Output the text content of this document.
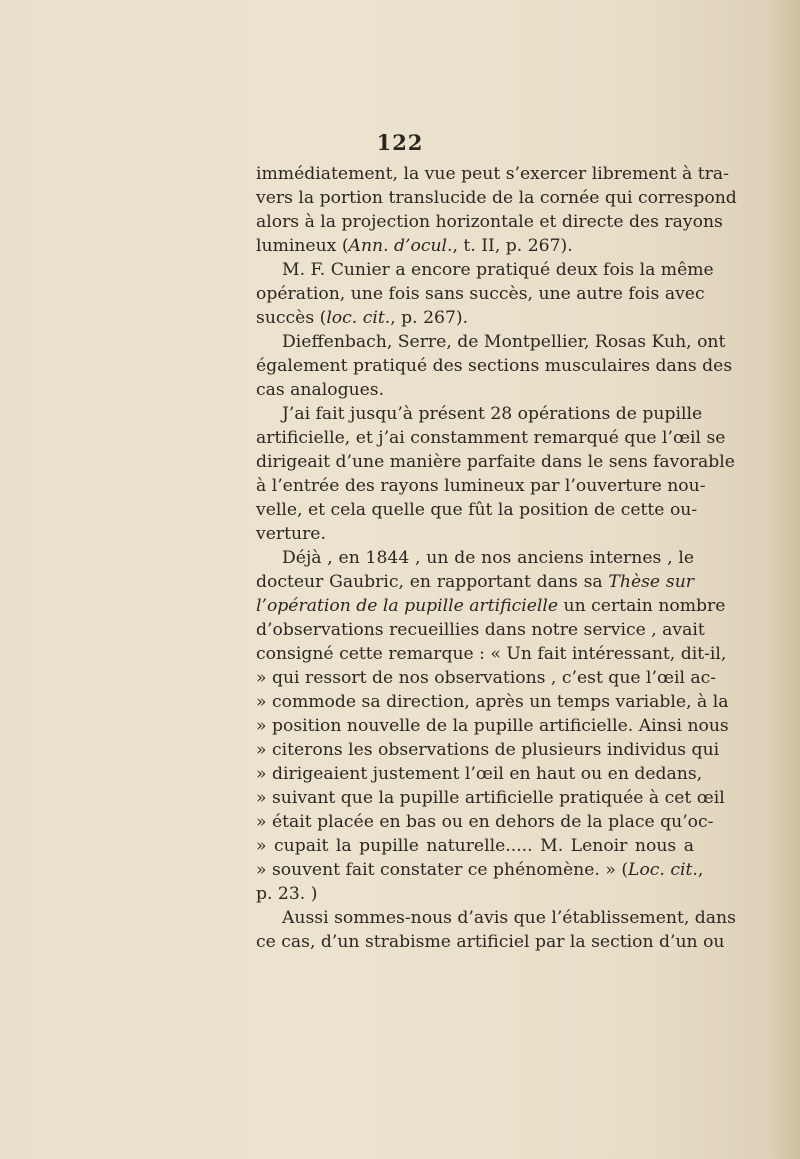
122
immédiatement, la vue peut s’exercer librement à tra-
vers la portion translucide de la cornée qui correspond
alors à la projection horizontale et directe des rayons
lumineux (Ann. d’ocul., t. II, p. 267).
M. F. Cunier a encore pratiqué deux fois la même
opération, une fois sans succès, une autre fois avec
succès (loc. cit., p. 267).
Dieffenbach, Serre, de Montpellier, Rosas Kuh, ont
également pratiqué des sections musculaires dans des
cas analogues.
J’ai fait jusqu’à présent 28 opérations de pupille
artificielle, et j’ai constamment remarqué que l’œil se
dirigeait d’une manière parfaite dans le sens favorable
à l’entrée des rayons lumineux par l’ouverture nou-
velle, et cela quelle que fût la position de cette ou-
verture.
Déjà , en 1844 , un de nos anciens internes , le
docteur Gaubric, en rapportant dans sa Thèse sur
l’opération de la pupille artificielle un certain nombre
d’observations recueillies dans notre service , avait
consigné cette remarque : « Un fait intéressant, dit-il,
» qui ressort de nos observations , c’est que l’œil ac-
» commode sa direction, après un temps variable, à la
» position nouvelle de la pupille artificielle. Ainsi nous
» citerons les observations de plusieurs individus qui
» dirigeaient justement l’œil en haut ou en dedans,
» suivant que la pupille artificielle pratiquée à cet œil
» était placée en bas ou en dehors de la place qu’oc-
» cupait la pupille naturelle..... M. Lenoir nous a
» souvent fait constater ce phénomène. » (Loc. cit.,
p. 23. )
Aussi sommes-nous d’avis que l’établissement, dans
ce cas, d’un strabisme artificiel par la section d’un ou
